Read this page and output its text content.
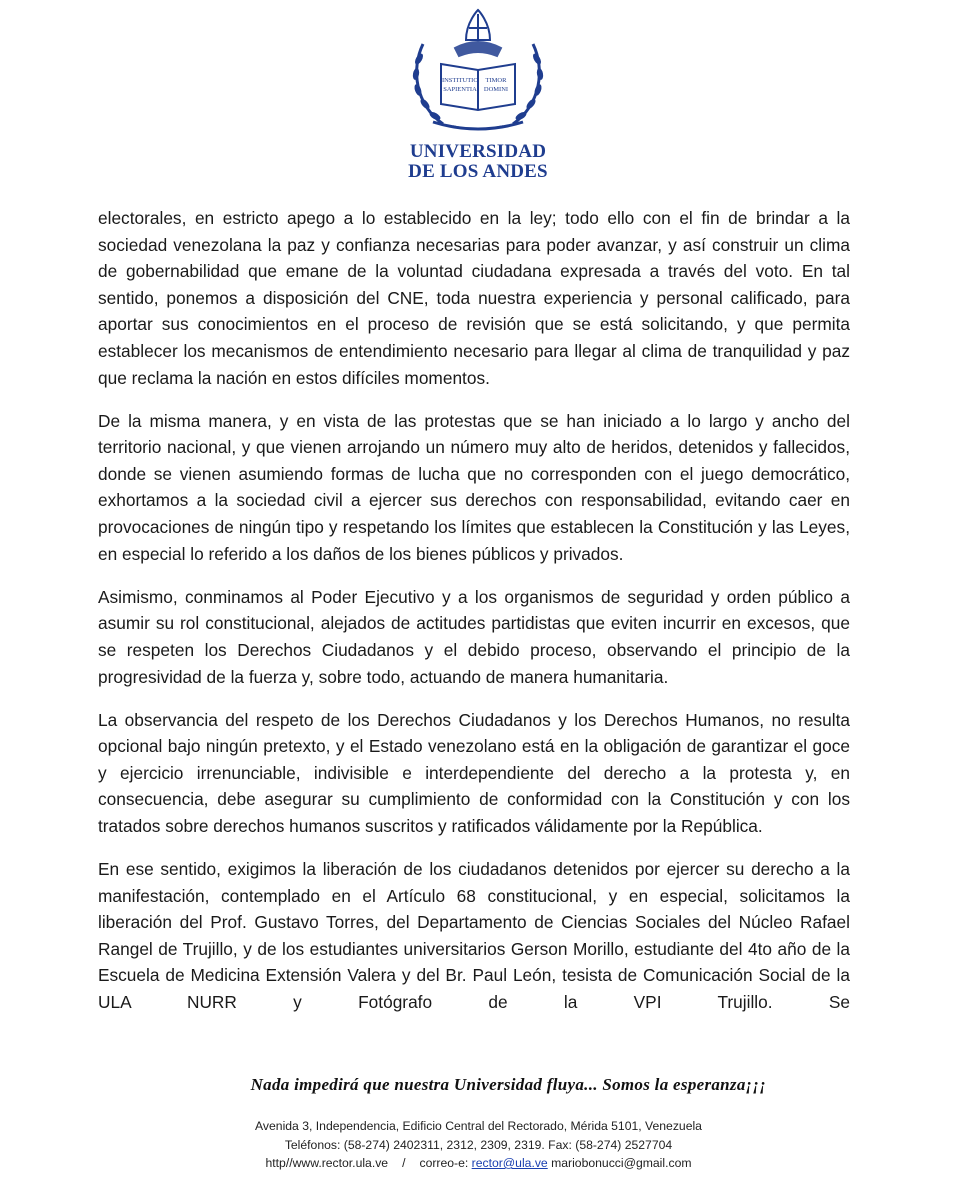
INSTITUTIO
SAPIENTIA
TIMOR
DOMINI
UNIVERSIDAD
DE LOS ANDES

electorales, en estricto apego a lo establecido en la ley; todo ello con el fin de brindar a la sociedad venezolana la paz y confianza necesarias para poder avanzar, y así construir un clima de gobernabilidad que emane de la voluntad ciudadana expresada a través del voto. En tal sentido, ponemos a disposición del CNE, toda nuestra experiencia y personal calificado, para aportar sus conocimientos en el proceso de revisión que se está solicitando, y que permita establecer los mecanismos de entendimiento necesario para llegar al clima de tranquilidad y paz que reclama la nación en estos difíciles momentos.

De la misma manera, y en vista de las protestas que se han iniciado a lo largo y ancho del territorio nacional, y que vienen arrojando un número muy alto de heridos, detenidos y fallecidos, donde se vienen asumiendo formas de lucha que no corresponden con el juego democrático, exhortamos a la sociedad civil a ejercer sus derechos con responsabilidad, evitando caer en provocaciones de ningún tipo y respetando los límites que establecen la Constitución y las Leyes, en especial lo referido a los daños de los bienes públicos y privados.

Asimismo, conminamos al Poder Ejecutivo y a los organismos de seguridad y orden público a asumir su rol constitucional, alejados de actitudes partidistas que eviten incurrir en excesos, que se respeten los Derechos Ciudadanos y el debido proceso, observando el principio de la progresividad de la fuerza y, sobre todo, actuando de manera humanitaria.

La observancia del respeto de los Derechos Ciudadanos y los Derechos Humanos, no resulta opcional bajo ningún pretexto, y el Estado venezolano está en la obligación de garantizar el goce y ejercicio irrenunciable, indivisible e interdependiente del derecho a la protesta y, en consecuencia, debe asegurar su cumplimiento de conformidad con la Constitución y con los tratados sobre derechos humanos suscritos y ratificados válidamente por la República.

En ese sentido, exigimos la liberación de los ciudadanos detenidos por ejercer su derecho a la manifestación, contemplado en el Artículo 68 constitucional, y en especial, solicitamos la liberación del Prof. Gustavo Torres, del Departamento de Ciencias Sociales del Núcleo Rafael Rangel de Trujillo, y de los estudiantes universitarios Gerson Morillo, estudiante del 4to año de la Escuela de Medicina Extensión Valera y del Br. Paul León, tesista de Comunicación Social de la ULA NURR y Fotógrafo de la VPI Trujillo. Se

Nada impedirá que nuestra Universidad fluya... Somos la esperanza¡¡¡
Avenida 3, Independencia, Edificio Central del Rectorado, Mérida 5101, Venezuela
Teléfonos: (58-274) 2402311, 2312, 2309, 2319. Fax: (58-274) 2527704
http//www.rector.ula.ve / correo-e: rector@ula.ve mariobonucci@gmail.com
